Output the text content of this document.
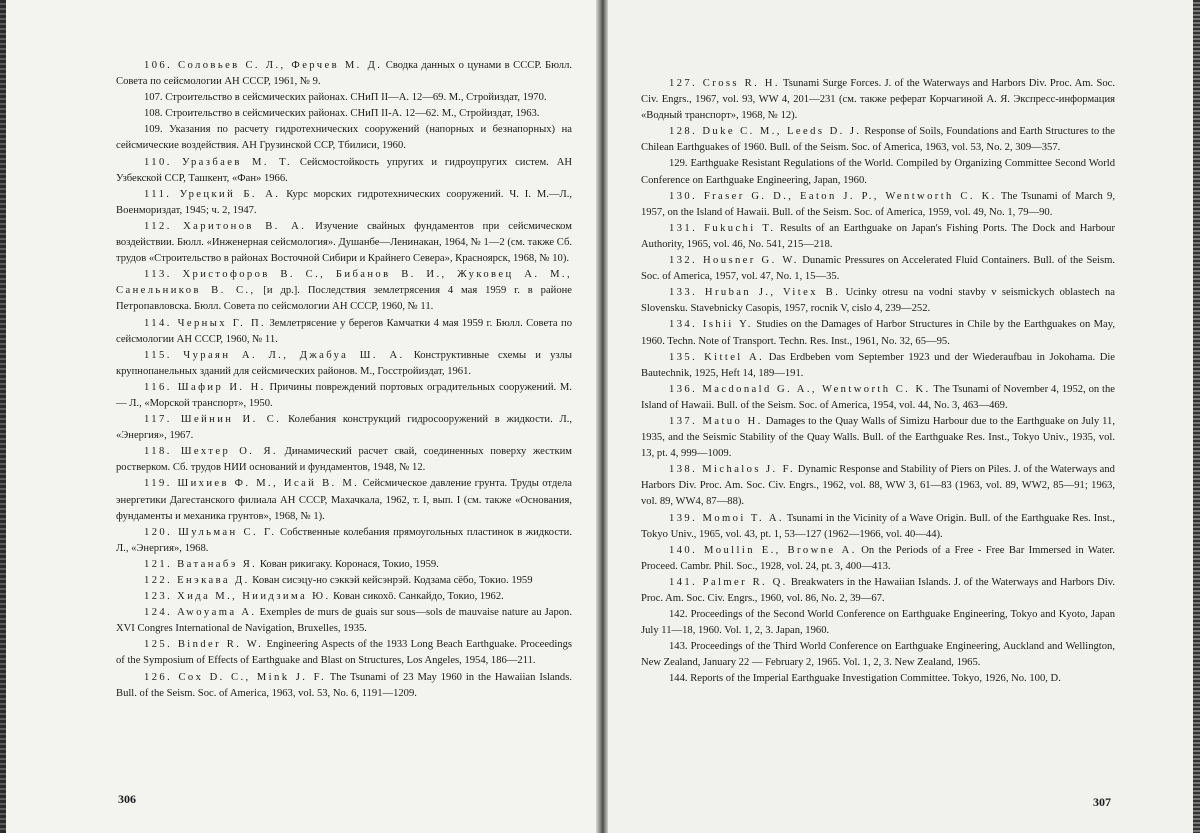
106. Соловьев С. Л., Ферчев М. Д. Сводка данных о цунами в СССР. Бюлл. Совета по сейсмологии АН СССР, 1961, № 9.

107. Строительство в сейсмических районах. СНиП II—А. 12—69. М., Стройиздат, 1970.

108. Строительство в сейсмических районах. СНиП II-А. 12—62. М., Стройиздат, 1963.

109. Указания по расчету гидротехнических сооружений (напорных и безнапорных) на сейсмические воздействия. АН Грузинской ССР, Тбилиси, 1960.

110. Уразбаев М. Т. Сейсмостойкость упругих и гидроупругих систем. АН Узбекской ССР, Ташкент, «Фан» 1966.

111. Урецкий Б. А. Курс морских гидротехнических сооружений. Ч. I. М.—Л., Военмориздат, 1945; ч. 2, 1947.

112. Харитонов В. А. Изучение свайных фундаментов при сейсмическом воздействии. Бюлл. «Инженерная сейсмология». Душанбе—Ленинакан, 1964, № 1—2 (см. также Сб. трудов «Строительство в районах Восточной Сибири и Крайнего Севера», Красноярск, 1968, № 10).

113. Христофоров В. С., Бибанов В. И., Жуковец А. М., Санельников В. С., [и др.]. Последствия землетрясения 4 мая 1959 г. в районе Петропавловска. Бюлл. Совета по сейсмологии АН СССР, 1960, № 11.

114. Черных Г. П. Землетрясение у берегов Камчатки 4 мая 1959 г. Бюлл. Совета по сейсмологии АН СССР, 1960, № 11.

115. Чураян А. Л., Джабуа Ш. А. Конструктивные схемы и узлы крупнопанельных зданий для сейсмических районов. М., Госстройиздат, 1961.

116. Шафир И. Н. Причины повреждений портовых оградительных сооружений. М. — Л., «Морской транспорт», 1950.

117. Шейнин И. С. Колебания конструкций гидросооружений в жидкости. Л., «Энергия», 1967.

118. Шехтер О. Я. Динамический расчет свай, соединенных поверху жестким ростверком. Сб. трудов НИИ оснований и фундаментов, 1948, № 12.

119. Шихиев Ф. М., Исай В. М. Сейсмическое давление грунта. Труды отдела энергетики Дагестанского филиала АН СССР, Махачкала, 1962, т. I, вып. I (см. также «Основания, фундаменты и механика грунтов», 1968, № 1).

120. Шульман С. Г. Собственные колебания прямоугольных пластинок в жидкости. Л., «Энергия», 1968.

121. Ватанабэ Я. Кован рикигаку. Коронася, Токио, 1959.

122. Енэкава Д. Кован сисэцу-но сэккэй кейсэнрэй. Кодзама сёбо, Токио. 1959

123. Хида М., Ниидзима Ю. Кован сикохō. Санкайдо, Токио, 1962.

124. Awoyama A. Exemples de murs de guais sur sous—sols de mauvaise nature au Japon. XVI Congres International de Navigation, Bruxelles, 1935.

125. Binder R. W. Engineering Aspects of the 1933 Long Beach Earthguake. Proceedings of the Symposium of Effects of Earthguake and Blast on Structures, Los Angeles, 1954, 186—211.

126. Cox D. C., Mink J. F. The Tsunami of 23 May 1960 in the Hawaiian Islands. Bull. of the Seism. Soc. of America, 1963, vol. 53, No. 6, 1191—1209.

127. Cross R. H. Tsunami Surge Forces. J. of the Waterways and Harbors Div. Proc. Am. Soc. Civ. Engrs., 1967, vol. 93, WW 4, 201—231 (см. также реферат Корчагиной А. Я. Экспресс-информация «Водный транспорт», 1968, № 12).

128. Duke C. M., Leeds D. J. Response of Soils, Foundations and Earth Structures to the Chilean Earthguakes of 1960. Bull. of the Seism. Soc. of America, 1963, vol. 53, No. 2, 309—357.

129. Earthguake Resistant Regulations of the World. Compiled by Organizing Committee Second World Conference on Earthguake Engineering, Japan, 1960.

130. Fraser G. D., Eaton J. P., Wentworth C. K. The Tsunami of March 9, 1957, on the Island of Hawaii. Bull. of the Seism. Soc. of America, 1959, vol. 49, No. 1, 79—90.

131. Fukuchi T. Results of an Earthguake on Japan's Fishing Ports. The Dock and Harbour Authority, 1965, vol. 46, No. 541, 215—218.

132. Housner G. W. Dunamic Pressures on Accelerated Fluid Containers. Bull. of the Seism. Soc. of America, 1957, vol. 47, No. 1, 15—35.

133. Hruban J., Vitex B. Ucinky otresu na vodni stavby v seismickych oblastech na Slovensku. Stavebnicky Casopis, 1957, rocnik V, cislo 4, 239—252.

134. Ishii Y. Studies on the Damages of Harbor Structures in Chile by the Earthguakes on May, 1960. Techn. Note of Transport. Techn. Res. Inst., 1961, No. 32, 65—95.

135. Kittel A. Das Erdbeben vom September 1923 und der Wiederaufbau in Jokohama. Die Bautechnik, 1925, Heft 14, 189—191.

136. Macdonald G. A., Wentworth C. K. The Tsunami of November 4, 1952, on the Island of Hawaii. Bull. of the Seism. Soc. of America, 1954, vol. 44, No. 3, 463—469.

137. Matuo H. Damages to the Quay Walls of Simizu Harbour due to the Earthguake on July 11, 1935, and the Seismic Stability of the Quay Walls. Bull. of the Earthguake Res. Inst., Tokyo Univ., 1935, vol. 13, pt. 4, 999—1009.

138. Michalos J. F. Dynamic Response and Stability of Piers on Piles. J. of the Waterways and Harbors Div. Proc. Am. Soc. Civ. Engrs., 1962, vol. 88, WW 3, 61—83 (1963, vol. 89, WW2, 85—91; 1963, vol. 89, WW4, 87—88).

139. Momoi T. A. Tsunami in the Vicinity of a Wave Origin. Bull. of the Earthguake Res. Inst., Tokyo Univ., 1965, vol. 43, pt. 1, 53—127 (1962—1966, vol. 40—44).

140. Moullin E., Browne A. On the Periods of a Free - Free Bar Immersed in Water. Proceed. Cambr. Phil. Soc., 1928, vol. 24, pt. 3, 400—413.

141. Palmer R. Q. Breakwaters in the Hawaiian Islands. J. of the Waterways and Harbors Div. Proc. Am. Soc. Civ. Engrs., 1960, vol. 86, No. 2, 39—67.

142. Proceedings of the Second World Conference on Earthguake Engineering, Tokyo and Kyoto, Japan July 11—18, 1960. Vol. 1, 2, 3. Japan, 1960.

143. Proceedings of the Third World Conference on Earthguake Engineering, Auckland and Wellington, New Zealand, January 22 — February 2, 1965. Vol. 1, 2, 3. New Zealand, 1965.

144. Reports of the Imperial Earthguake Investigation Committee. Tokyo, 1926, No. 100, D.

306	307
